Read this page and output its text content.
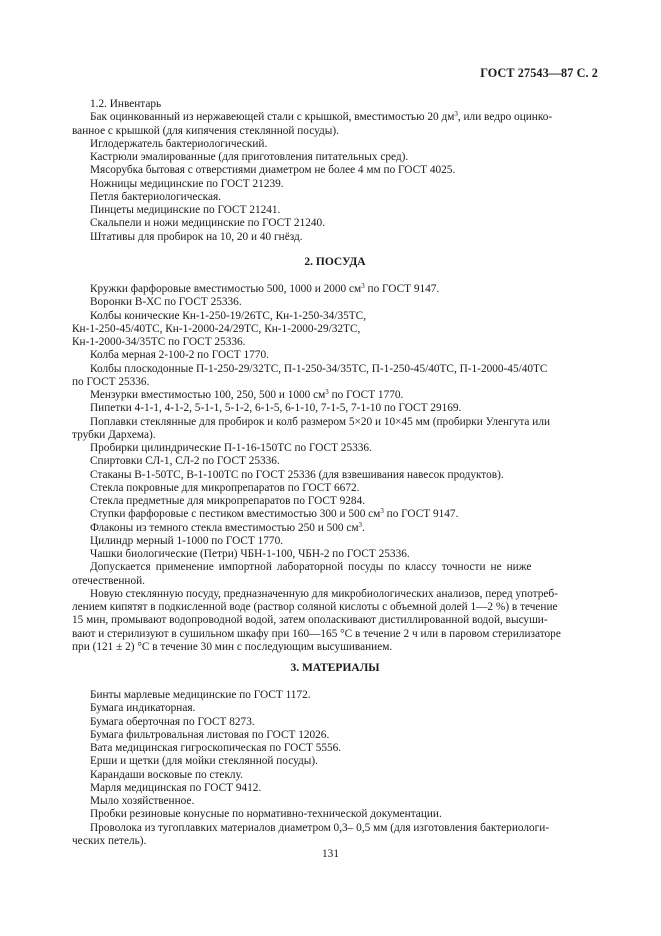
ГОСТ 27543—87 С. 2

1.2. Инвентарь

Бак оцинкованный из нержавеющей стали с крышкой, вместимостью 20 $дм^3$, или ведро оцинко-

ванное с крышкой (для кипячения стеклянной посуды).

Иглодержатель бактериологический.

Кастрюли эмалированные (для приготовления питательных сред).

Мясорубка бытовая с отверстиями диаметром не более 4 мм по ГОСТ 4025.

Ножницы медицинские по ГОСТ 21239.

Петля бактериологическая.

Пинцеты медицинские по ГОСТ 21241.

Скальпели и ножи медицинские по ГОСТ 21240.

Штативы для пробирок на 10, 20 и 40 гнёзд.

2. ПОСУДА

Кружки фарфоровые вместимостью 500, 1000 и 2000 $см^3$ по ГОСТ 9147.

Воронки В-ХС по ГОСТ 25336.

Колбы конические Кн-1-250-19/26ТС, Кн-1-250-34/35ТС,

Кн-1-250-45/40ТС, Кн-1-2000-24/29ТС, Кн-1-2000-29/32ТС,

Кн-1-2000-34/35ТС по ГОСТ 25336.

Колба мерная 2-100-2 по ГОСТ 1770.

Колбы плоскодонные П-1-250-29/32ТС, П-1-250-34/35ТС, П-1-250-45/40ТС, П-1-2000-45/40ТС

по ГОСТ 25336.

Мензурки вместимостью 100, 250, 500 и 1000 $см^3$ по ГОСТ 1770.

Пипетки 4-1-1, 4-1-2, 5-1-1, 5-1-2, 6-1-5, 6-1-10, 7-1-5, 7-1-10 по ГОСТ 29169.

Поплавки стеклянные для пробирок и колб размером 5×20 и 10×45 мм (пробирки Уленгута или

трубки Дархема).

Пробирки цилиндрические П-1-16-150ТС по ГОСТ 25336.

Спиртовки СЛ-1, СЛ-2 по ГОСТ 25336.

Стаканы В-1-50ТС, В-1-100ТС по ГОСТ 25336 (для взвешивания навесок продуктов).

Стекла покровные для микропрепаратов по ГОСТ 6672.

Стекла предметные для микропрепаратов по ГОСТ 9284.

Ступки фарфоровые с пестиком вместимостью 300 и 500 $см^3$ по ГОСТ 9147.

Флаконы из темного стекла вместимостью 250 и 500 $см^3$.

Цилиндр мерный 1-1000 по ГОСТ 1770.

Чашки биологические (Петри) ЧБН-1-100, ЧБН-2 по ГОСТ 25336.

Допускается применение импортной лабораторной посуды по классу точности не ниже

отечественной.

Новую стеклянную посуду, предназначенную для микробиологических анализов, перед употреб-

лением кипятят в подкисленной воде (раствор соляной кислоты с объемной долей 1—2 %) в течение

15 мин, промывают водопроводной водой, затем ополаскивают дистиллированной водой, высуши-

вают и стерилизуют в сушильном шкафу при 160—165 °С в течение 2 ч или в паровом стерилизаторе

при (121 ± 2) °С в течение 30 мин с последующим высушиванием.

3. МАТЕРИАЛЫ

Бинты марлевые медицинские по ГОСТ 1172.

Бумага индикаторная.

Бумага оберточная по ГОСТ 8273.

Бумага фильтровальная листовая по ГОСТ 12026.

Вата медицинская гигроскопическая по ГОСТ 5556.

Ерши и щетки (для мойки стеклянной посуды).

Карандаши восковые по стеклу.

Марля медицинская по ГОСТ 9412.

Мыло хозяйственное.

Пробки резиновые конусные по нормативно-технической документации.

Проволока из тугоплавких материалов диаметром 0,3– 0,5 мм (для изготовления бактериологи-

ческих петель).

131
